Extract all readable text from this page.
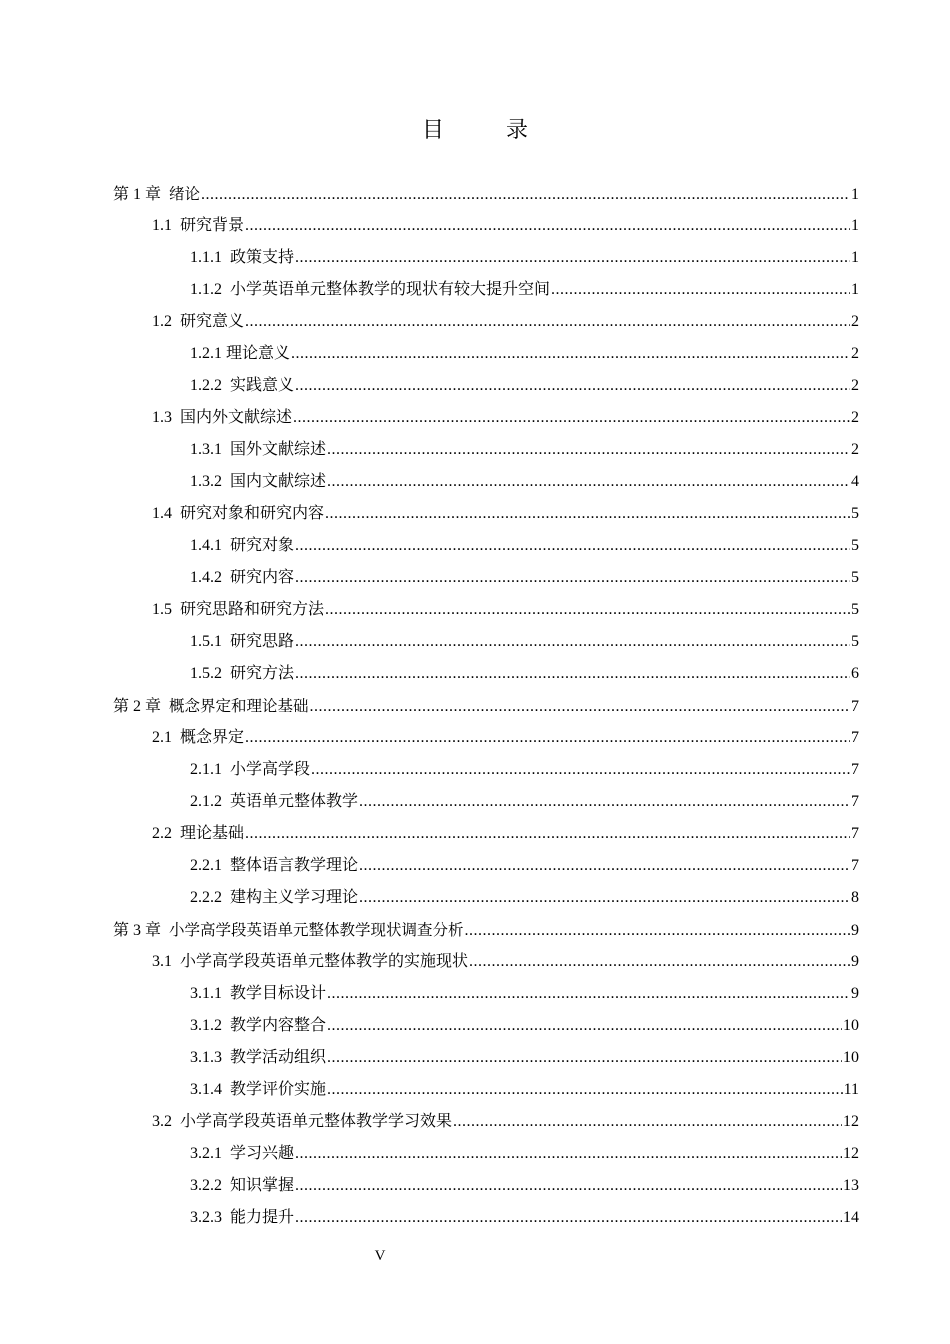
目　录
第 1 章 绪论 .....	1
1.1 研究背景 .....	1
1.1.1 政策支持 .....	1
1.1.2 小学英语单元整体教学的现状有较大提升空间 .....	1
1.2 研究意义 .....	2
1.2.1 理论意义 .....	2
1.2.2 实践意义 .....	2
1.3 国内外文献综述 .....	2
1.3.1 国外文献综述 .....	2
1.3.2 国内文献综述 .....	4
1.4 研究对象和研究内容 .....	5
1.4.1 研究对象 .....	5
1.4.2 研究内容 .....	5
1.5 研究思路和研究方法 .....	5
1.5.1 研究思路 .....	5
1.5.2 研究方法 .....	6
第 2 章 概念界定和理论基础 .....	7
2.1 概念界定 .....	7
2.1.1 小学高学段 .....	7
2.1.2 英语单元整体教学 .....	7
2.2 理论基础 .....	7
2.2.1 整体语言教学理论 .....	7
2.2.2 建构主义学习理论 .....	8
第 3 章 小学高学段英语单元整体教学现状调查分析 .....	9
3.1 小学高学段英语单元整体教学的实施现状 .....	9
3.1.1 教学目标设计 .....	9
3.1.2 教学内容整合 .....	10
3.1.3 教学活动组织 .....	10
3.1.4 教学评价实施 .....	11
3.2 小学高学段英语单元整体教学学习效果 .....	12
3.2.1 学习兴趣 .....	12
3.2.2 知识掌握 .....	13
3.2.3 能力提升 .....	14
V
